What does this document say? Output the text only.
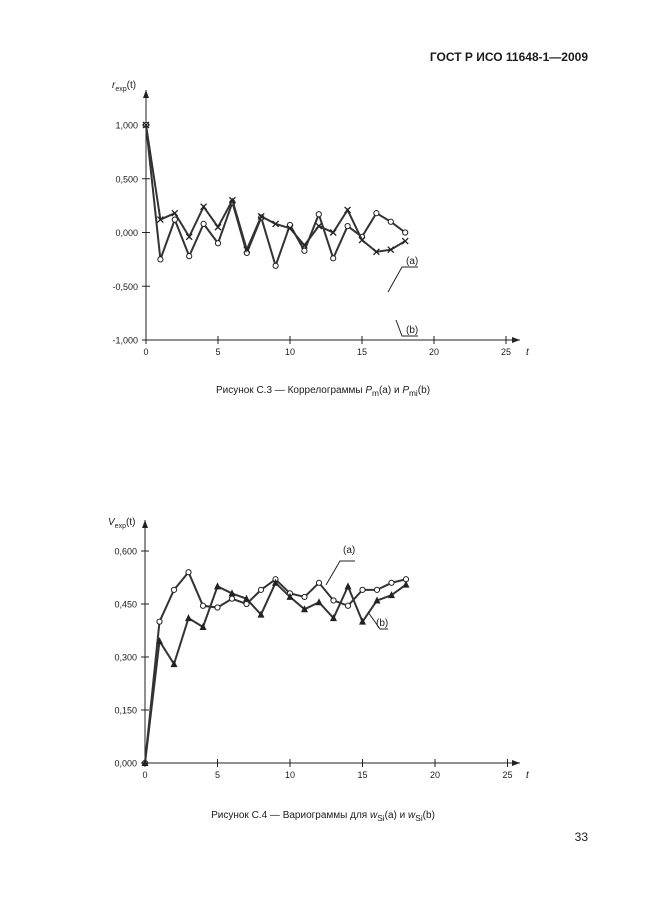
ГОСТ Р ИСО 11648-1—2009
$r_{exp}(t)$
t
1,000
0,500
0,000
-0,500
-1,000
0	5	10	15	20	25
(a)
(b)
Рисунок С.3 — Коррелограммы $P_m(a)$ и $P_{mi}(b)$
$V_{exp}(t)$
t
0,600
0,450
0,300
0,150
0,000
0	5	10	15	20	25
(a)
(b)
Рисунок С.4 — Вариограммы для $w_{Si}(a)$ и $w_{Si}(b)$
33
